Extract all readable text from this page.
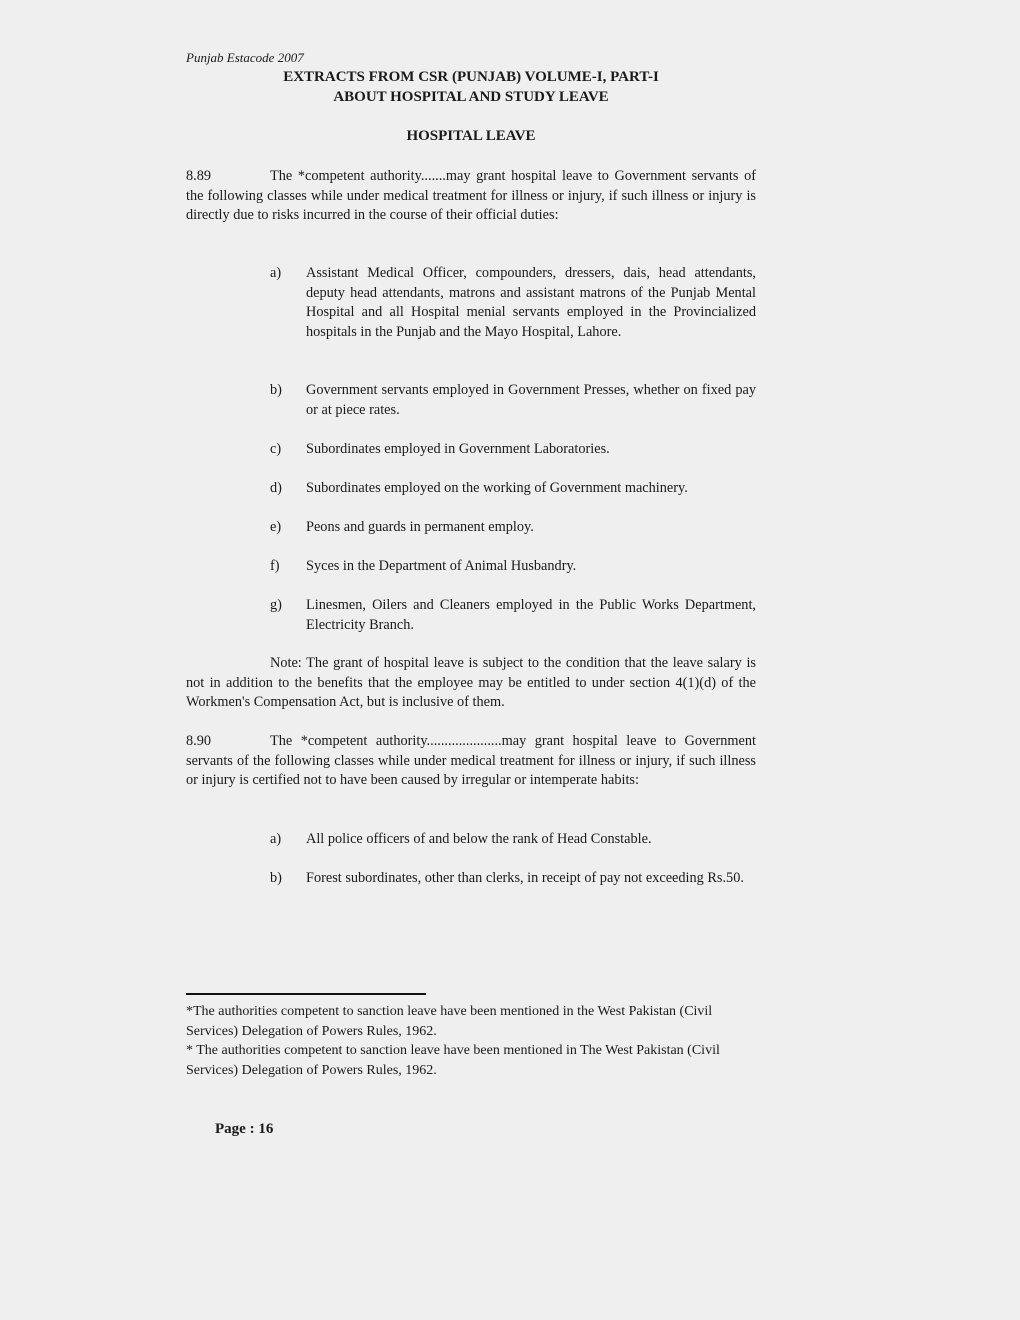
Punjab Estacode 2007
EXTRACTS FROM CSR (PUNJAB) VOLUME-I, PART-I
ABOUT HOSPITAL AND STUDY LEAVE
HOSPITAL LEAVE
8.89	The *competent authority.......may grant hospital leave to Government servants of the following classes while under medical treatment for illness or injury, if such illness or injury is directly due to risks incurred in the course of their official duties:
a) Assistant Medical Officer, compounders, dressers, dais, head attendants, deputy head attendants, matrons and assistant matrons of the Punjab Mental Hospital and all Hospital menial servants employed in the Provincialized hospitals in the Punjab and the Mayo Hospital, Lahore.
b) Government servants employed in Government Presses, whether on fixed pay or at piece rates.
c) Subordinates employed in Government Laboratories.
d) Subordinates employed on the working of Government machinery.
e) Peons and guards in permanent employ.
f) Syces in the Department of Animal Husbandry.
g) Linesmen, Oilers and Cleaners employed in the Public Works Department, Electricity Branch.
Note: The grant of hospital leave is subject to the condition that the leave salary is not in addition to the benefits that the employee may be entitled to under section 4(1)(d) of the Workmen's Compensation Act, but is inclusive of them.
8.90	The *competent authority.....................may grant hospital leave to Government servants of the following classes while under medical treatment for illness or injury, if such illness or injury is certified not to have been caused by irregular or intemperate habits:
a) All police officers of and below the rank of Head Constable.
b) Forest subordinates, other than clerks, in receipt of pay not exceeding Rs.50.
*The authorities competent to sanction leave have been mentioned in the West Pakistan (Civil Services) Delegation of Powers Rules, 1962.
* The authorities competent to sanction leave have been mentioned in The West Pakistan (Civil Services) Delegation of Powers Rules, 1962.
Page : 16
